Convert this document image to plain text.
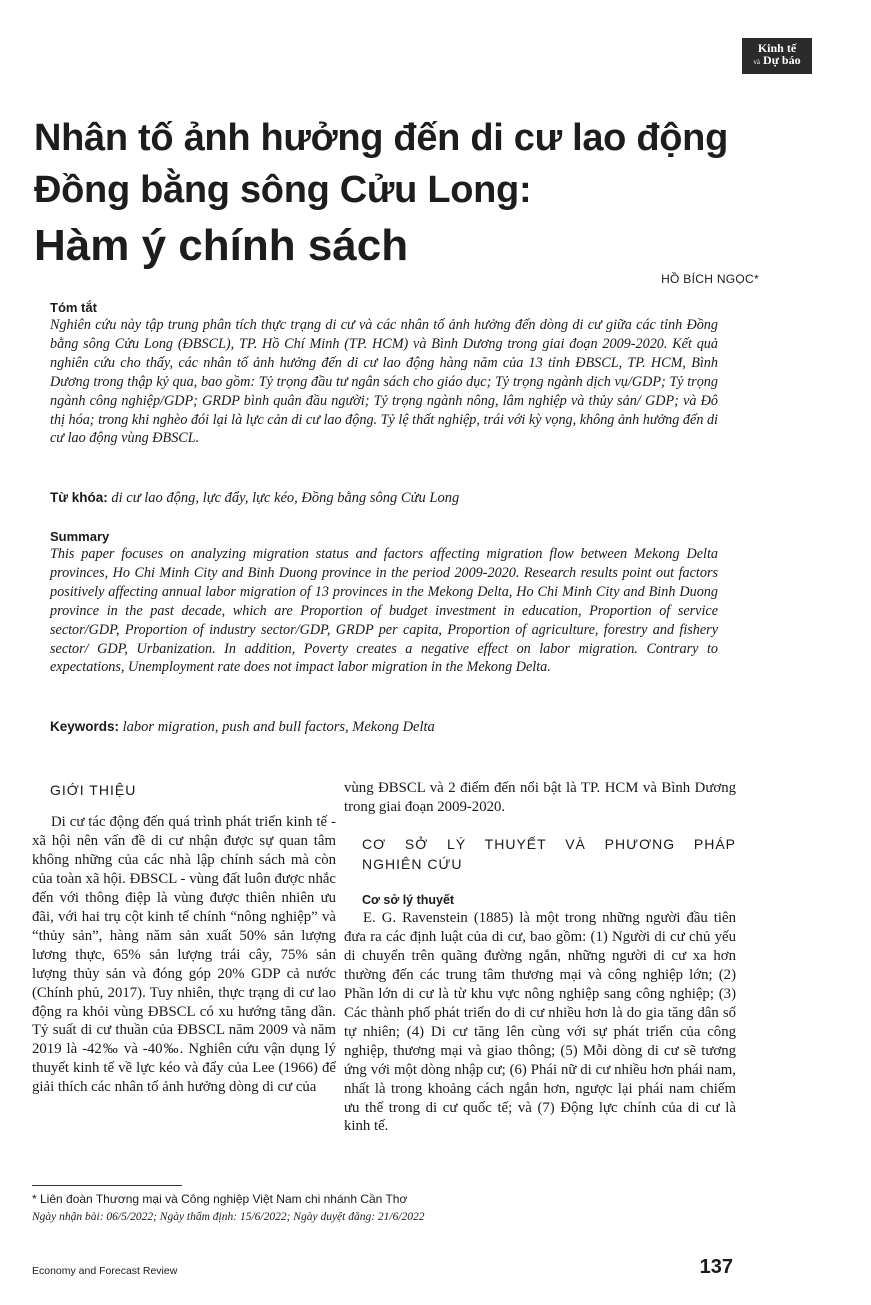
Kinh tế
và Dự báo
Nhân tố ảnh hưởng đến di cư lao động
Đồng bằng sông Cửu Long:
Hàm ý chính sách
HỒ BÍCH NGỌC*
Tóm tắt
Nghiên cứu này tập trung phân tích thực trạng di cư và các nhân tố ảnh hưởng đến dòng di cư giữa các tỉnh Đồng bằng sông Cửu Long (ĐBSCL), TP. Hồ Chí Minh (TP. HCM) và Bình Dương trong giai đoạn 2009-2020. Kết quả nghiên cứu cho thấy, các nhân tố ảnh hưởng đến di cư lao động hàng năm của 13 tỉnh ĐBSCL, TP. HCM, Bình Dương trong thập kỷ qua, bao gồm: Tỷ trọng đầu tư ngân sách cho giáo dục; Tỷ trọng ngành dịch vụ/GDP; Tỷ trọng ngành công nghiệp/GDP; GRDP bình quân đầu người; Tỷ trọng ngành nông, lâm nghiệp và thủy sản/ GDP; và Đô thị hóa; trong khi nghèo đói lại là lực cản di cư lao động. Tỷ lệ thất nghiệp, trái với kỳ vọng, không ảnh hưởng đến di cư lao động vùng ĐBSCL.
Từ khóa: di cư lao động, lực đẩy, lực kéo, Đồng bằng sông Cửu Long
Summary
This paper focuses on analyzing migration status and factors affecting migration flow between Mekong Delta provinces, Ho Chi Minh City and Binh Duong province in the period 2009-2020. Research results point out factors positively affecting annual labor migration of 13 provinces in the Mekong Delta, Ho Chi Minh City and Binh Duong province in the past decade, which are Proportion of budget investment in education, Proportion of service sector/GDP, Proportion of industry sector/GDP, GRDP per capita, Proportion of agriculture, forestry and fishery sector/ GDP, Urbanization. In addition, Poverty creates a negative effect on labor migration. Contrary to expectations, Unemployment rate does not impact labor migration in the Mekong Delta.
Keywords: labor migration, push and bull factors, Mekong Delta
GIỚI THIỆU

Di cư tác động đến quá trình phát triển kinh tế - xã hội nên vấn đề di cư nhận được sự quan tâm không những của các nhà lập chính sách mà còn của toàn xã hội. ĐBSCL - vùng đất luôn được nhắc đến với thông điệp là vùng được thiên nhiên ưu đãi, với hai trụ cột kinh tế chính “nông nghiệp” và “thủy sản”, hàng năm sản xuất 50% sản lượng lương thực, 65% sản lượng trái cây, 75% sản lượng thủy sản và đóng góp 20% GDP cả nước (Chính phủ, 2017). Tuy nhiên, thực trạng di cư lao động ra khỏi vùng ĐBSCL có xu hướng tăng dần. Tỷ suất di cư thuần của ĐBSCL năm 2009 và năm 2019 là -42‰ và -40‰. Nghiên cứu vận dụng lý thuyết kinh tế về lực kéo và đẩy của Lee (1966) để giải thích các nhân tố ảnh hưởng dòng di cư của

vùng ĐBSCL và 2 điểm đến nổi bật là TP. HCM và Bình Dương trong giai đoạn 2009-2020.

CƠ SỞ LÝ THUYẾT VÀ PHƯƠNG PHÁP
NGHIÊN CỨU
Cơ sở lý thuyết

E. G. Ravenstein (1885) là một trong những người đầu tiên đưa ra các định luật của di cư, bao gồm: (1) Người di cư chủ yếu di chuyển trên quãng đường ngắn, những người di cư xa hơn thường đến các trung tâm thương mại và công nghiệp lớn; (2) Phần lớn di cư là từ khu vực nông nghiệp sang công nghiệp; (3) Các thành phố phát triển do di cư nhiều hơn là do gia tăng dân số tự nhiên; (4) Di cư tăng lên cùng với sự phát triển của công nghiệp, thương mại và giao thông; (5) Mỗi dòng di cư sẽ tương ứng với một dòng nhập cư; (6) Phái nữ di cư nhiều hơn phái nam, nhất là trong khoảng cách ngắn hơn, ngược lại phái nam chiếm ưu thế trong di cư quốc tế; và (7) Động lực chính của di cư là kinh tế.

* Liên đoàn Thương mại và Công nghiệp Việt Nam chi nhánh Cần Thơ
Ngày nhận bài: 06/5/2022; Ngày thẩm định: 15/6/2022; Ngày duyệt đăng: 21/6/2022
Economy and Forecast Review	137
